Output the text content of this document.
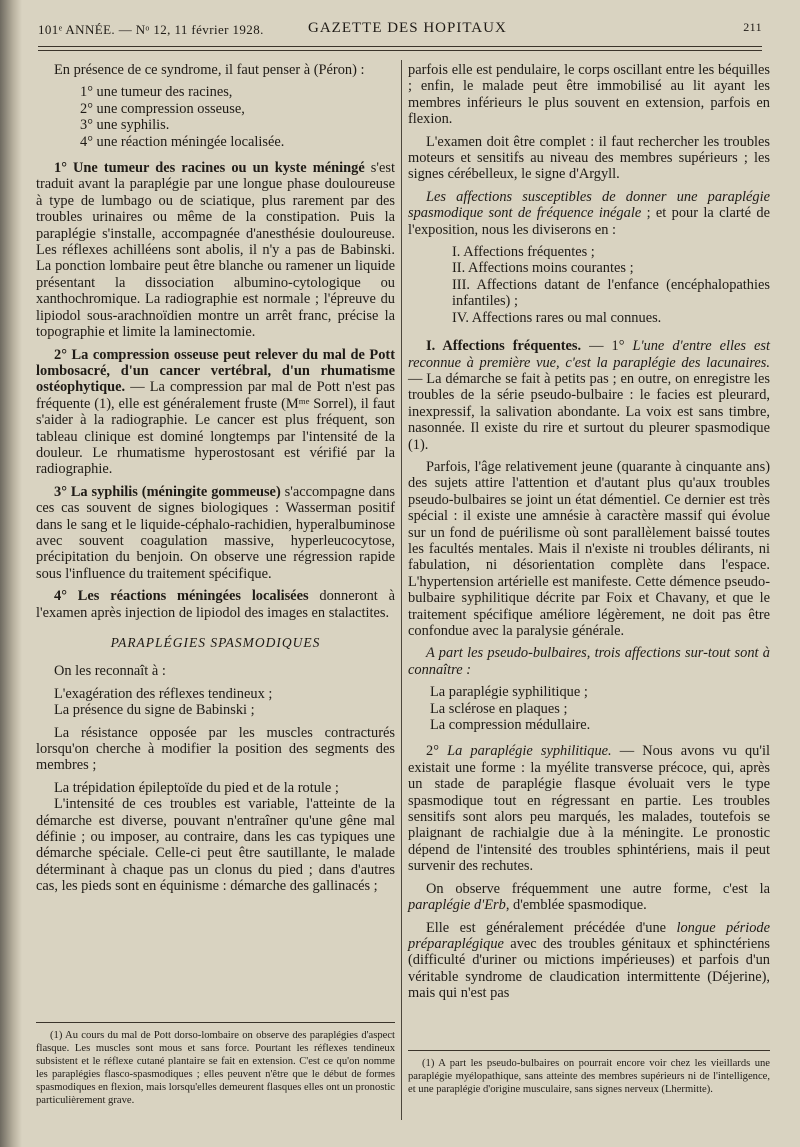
101ᵉ ANNÉE. — Nᵒ 12, 11 février 1928.	GAZETTE DES HOPITAUX	211

En présence de ce syndrome, il faut penser à (Péron) :

1° une tumeur des racines,
2° une compression osseuse,
3° une syphilis.
4° une réaction méningée localisée.

1° Une tumeur des racines ou un kyste méningé s'est traduit avant la paraplégie par une longue phase douloureuse à type de lumbago ou de sciatique, plus rarement par des troubles urinaires ou même de la constipation. Puis la paraplégie s'installe, accompagnée d'anesthésie douloureuse. Les réflexes achilléens sont abolis, il n'y a pas de Babinski. La ponction lombaire peut être blanche ou ramener un liquide présentant la dissociation albumino-cytologique ou xanthochromique. La radiographie est normale ; l'épreuve du lipiodol sous-arachnoïdien montre un arrêt franc, précise la topographie et limite la laminectomie.

2° La compression osseuse peut relever du mal de Pott lombosacré, d'un cancer vertébral, d'un rhumatisme ostéophytique. — La compression par mal de Pott n'est pas fréquente (1), elle est généralement fruste (Mᵐᵉ Sorrel), il faut s'aider à la radiographie. Le cancer est plus fréquent, son tableau clinique est dominé longtemps par l'intensité de la douleur. Le rhumatisme hyperostosant est vérifié par la radiographie.

3° La syphilis (méningite gommeuse) s'accompagne dans ces cas souvent de signes biologiques : Wasserman positif dans le sang et le liquide-céphalo-rachidien, hyperalbuminose avec souvent coagulation massive, hyperleucocytose, précipitation du benjoin. On observe une régression rapide sous l'influence du traitement spécifique.

4° Les réactions méningées localisées donneront à l'examen après injection de lipiodol des images en stalactites.

PARAPLÉGIES SPASMODIQUES

On les reconnaît à :

L'exagération des réflexes tendineux ;

La présence du signe de Babinski ;

La résistance opposée par les muscles contracturés lorsqu'on cherche à modifier la position des segments des membres ;

La trépidation épileptoïde du pied et de la rotule ;

L'intensité de ces troubles est variable, l'atteinte de la démarche est diverse, pouvant n'entraîner qu'une gêne mal définie ; ou imposer, au contraire, dans les cas typiques une démarche spéciale. Celle-ci peut être sautillante, le malade déterminant à chaque pas un clonus du pied ; dans d'autres cas, les pieds sont en équinisme : démarche des gallinacés ;

(1) Au cours du mal de Pott dorso-lombaire on observe des paraplégies d'aspect flasque. Les muscles sont mous et sans force. Pourtant les réflexes tendineux subsistent et le réflexe cutané plantaire se fait en extension. C'est ce qu'on nomme les paraplégies flasco-spasmodiques ; elles peuvent n'être que le début de formes spasmodiques en flexion, mais lorsqu'elles demeurent flasques elles ont un pronostic particulièrement grave.

parfois elle est pendulaire, le corps oscillant entre les béquilles ; enfin, le malade peut être immobilisé au lit ayant les membres inférieurs le plus souvent en extension, parfois en flexion.

L'examen doit être complet : il faut rechercher les troubles moteurs et sensitifs au niveau des membres supérieurs ; les signes cérébelleux, le signe d'Argyll.

Les affections susceptibles de donner une paraplégie spasmodique sont de fréquence inégale ; et pour la clarté de l'exposition, nous les diviserons en :

I. Affections fréquentes ;
II. Affections moins courantes ;
III. Affections datant de l'enfance (encéphalopathies infantiles) ;
IV. Affections rares ou mal connues.

I. Affections fréquentes. — 1° L'une d'entre elles est reconnue à première vue, c'est la paraplégie des lacunaires. — La démarche se fait à petits pas ; en outre, on enregistre les troubles de la série pseudo-bulbaire : le facies est pleurard, inexpressif, la salivation abondante. La voix est sans timbre, nasonnée. Il existe du rire et surtout du pleurer spasmodique (1).

Parfois, l'âge relativement jeune (quarante à cinquante ans) des sujets attire l'attention et d'autant plus qu'aux troubles pseudo-bulbaires se joint un état démentiel. Ce dernier est très spécial : il existe une amnésie à caractère massif qui évolue sur un fond de puérilisme où sont parallèlement baissé toutes les facultés mentales. Mais il n'existe ni troubles délirants, ni fabulation, ni désorientation complète dans l'espace. L'hypertension artérielle est manifeste. Cette démence pseudo-bulbaire syphilitique décrite par Foix et Chavany, et que le traitement spécifique améliore légèrement, ne doit pas être confondue avec la paralysie générale.

A part les pseudo-bulbaires, trois affections sur-tout sont à connaître :

La paraplégie syphilitique ;
La sclérose en plaques ;
La compression médullaire.

2° La paraplégie syphilitique. — Nous avons vu qu'il existait une forme : la myélite transverse précoce, qui, après un stade de paraplégie flasque évoluait vers le type spasmodique tout en régressant en partie. Les troubles sensitifs sont alors peu marqués, les malades, toutefois se plaignant de rachialgie due à la méningite. Le pronostic dépend de l'intensité des troubles sphintériens, mais il peut survenir des rechutes.

On observe fréquemment une autre forme, c'est la paraplégie d'Erb, d'emblée spasmodique.

Elle est généralement précédée d'une longue période préparaplégique avec des troubles génitaux et sphinctériens (difficulté d'uriner ou mictions impérieuses) et parfois d'un véritable syndrome de claudication intermittente (Déjerine), mais qui n'est pas

(1) A part les pseudo-bulbaires on pourrait encore voir chez les vieillards une paraplégie myélopathique, sans atteinte des membres supérieurs ni de l'intelligence, et une paraplégie d'origine musculaire, sans signes nerveux (Lhermitte).
